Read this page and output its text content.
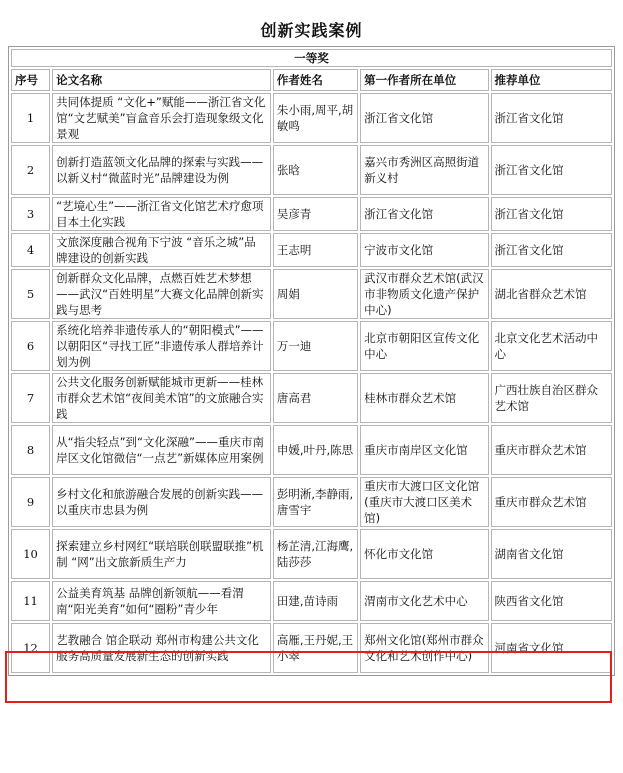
创新实践案例
一等奖				
序号	论文名称	作者姓名	第一作者所在单位	推荐单位
1	共同体提质 “文化+”赋能——浙江省文化馆“文艺赋美”盲盒音乐会打造现象级文化景观	朱小雨,周平,胡敏鸣	浙江省文化馆	浙江省文化馆
2	创新打造蓝领文化品牌的探索与实践——以新义村“微蓝时光”品牌建设为例	张晗	嘉兴市秀洲区高照街道新义村	浙江省文化馆
3	“艺境心生”——浙江省文化馆艺术疗愈项目本土化实践	吴彦青	浙江省文化馆	浙江省文化馆
4	文旅深度融合视角下宁波 “音乐之城”品牌建设的创新实践	王志明	宁波市文化馆	浙江省文化馆
5	创新群众文化品牌，点燃百姓艺术梦想——武汉“百姓明星”大赛文化品牌创新实践与思考	周娟	武汉市群众艺术馆(武汉市非物质文化遗产保护中心)	湖北省群众艺术馆
6	系统化培养非遗传承人的“朝阳模式”——以朝阳区“寻找工匠”非遗传承人群培养计划为例	万一迪	北京市朝阳区宣传文化中心	北京文化艺术活动中心
7	公共文化服务创新赋能城市更新——桂林市群众艺术馆“夜间美术馆”的文旅融合实践	唐高君	桂林市群众艺术馆	广西壮族自治区群众艺术馆
8	从“指尖轻点”到“文化深融”——重庆市南岸区文化馆微信“一点艺”新媒体应用案例	申媛,叶丹,陈思	重庆市南岸区文化馆	重庆市群众艺术馆
9	乡村文化和旅游融合发展的创新实践——以重庆市忠县为例	彭明淅,李静雨,唐雪宇	重庆市大渡口区文化馆(重庆市大渡口区美术馆)	重庆市群众艺术馆
10	探索建立乡村网红“联培联创联盟联推”机制 “网”出文旅新质生产力	杨芷清,江海鹰,陆莎莎	怀化市文化馆	湖南省文化馆
11	公益美育筑基 品牌创新领航——看渭南“阳光美育”如何“圈粉”青少年	田建,苗诗雨	渭南市文化艺术中心	陕西省文化馆
12	艺教融合 馆企联动 郑州市构建公共文化服务高质量发展新生态的创新实践	高雁,王丹妮,王小翠	郑州文化馆(郑州市群众文化和艺术创作中心)	河南省文化馆
